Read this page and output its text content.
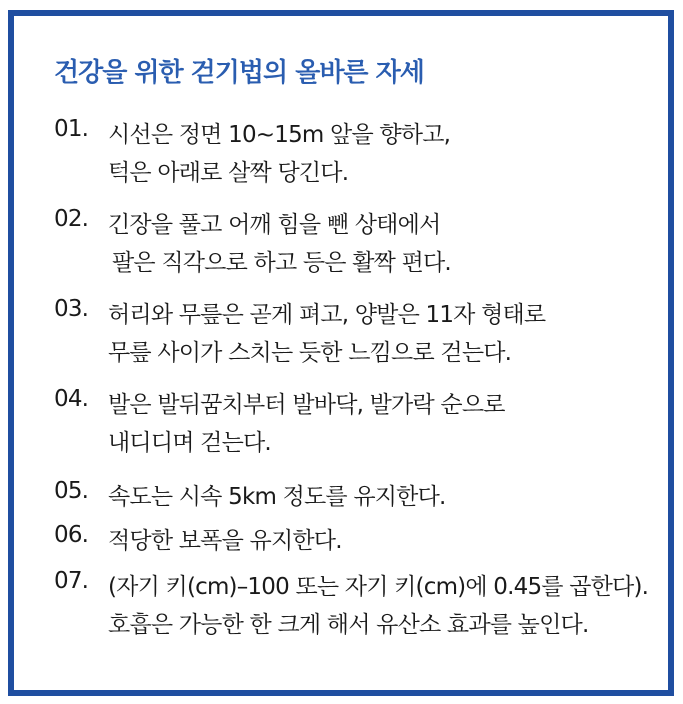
건강을 위한 걷기법의 올바른 자세
01. 시선은 정면 10~15m 앞을 향하고,
턱은 아래로 살짝 당긴다.
02. 긴장을 풀고 어깨 힘을 뺀 상태에서
팔은 직각으로 하고 등은 활짝 편다.
03. 허리와 무릎은 곧게 펴고, 양발은 11자 형태로
무릎 사이가 스치는 듯한 느낌으로 걷는다.
04. 발은 발뒤꿈치부터 발바닥, 발가락 순으로
내디디며 걷는다.
05. 속도는 시속 5km 정도를 유지한다.
06. 적당한 보폭을 유지한다.
07. (자기 키(cm)–100 또는 자기 키(cm)에 0.45를 곱한다).
호흡은 가능한 한 크게 해서 유산소 효과를 높인다.
